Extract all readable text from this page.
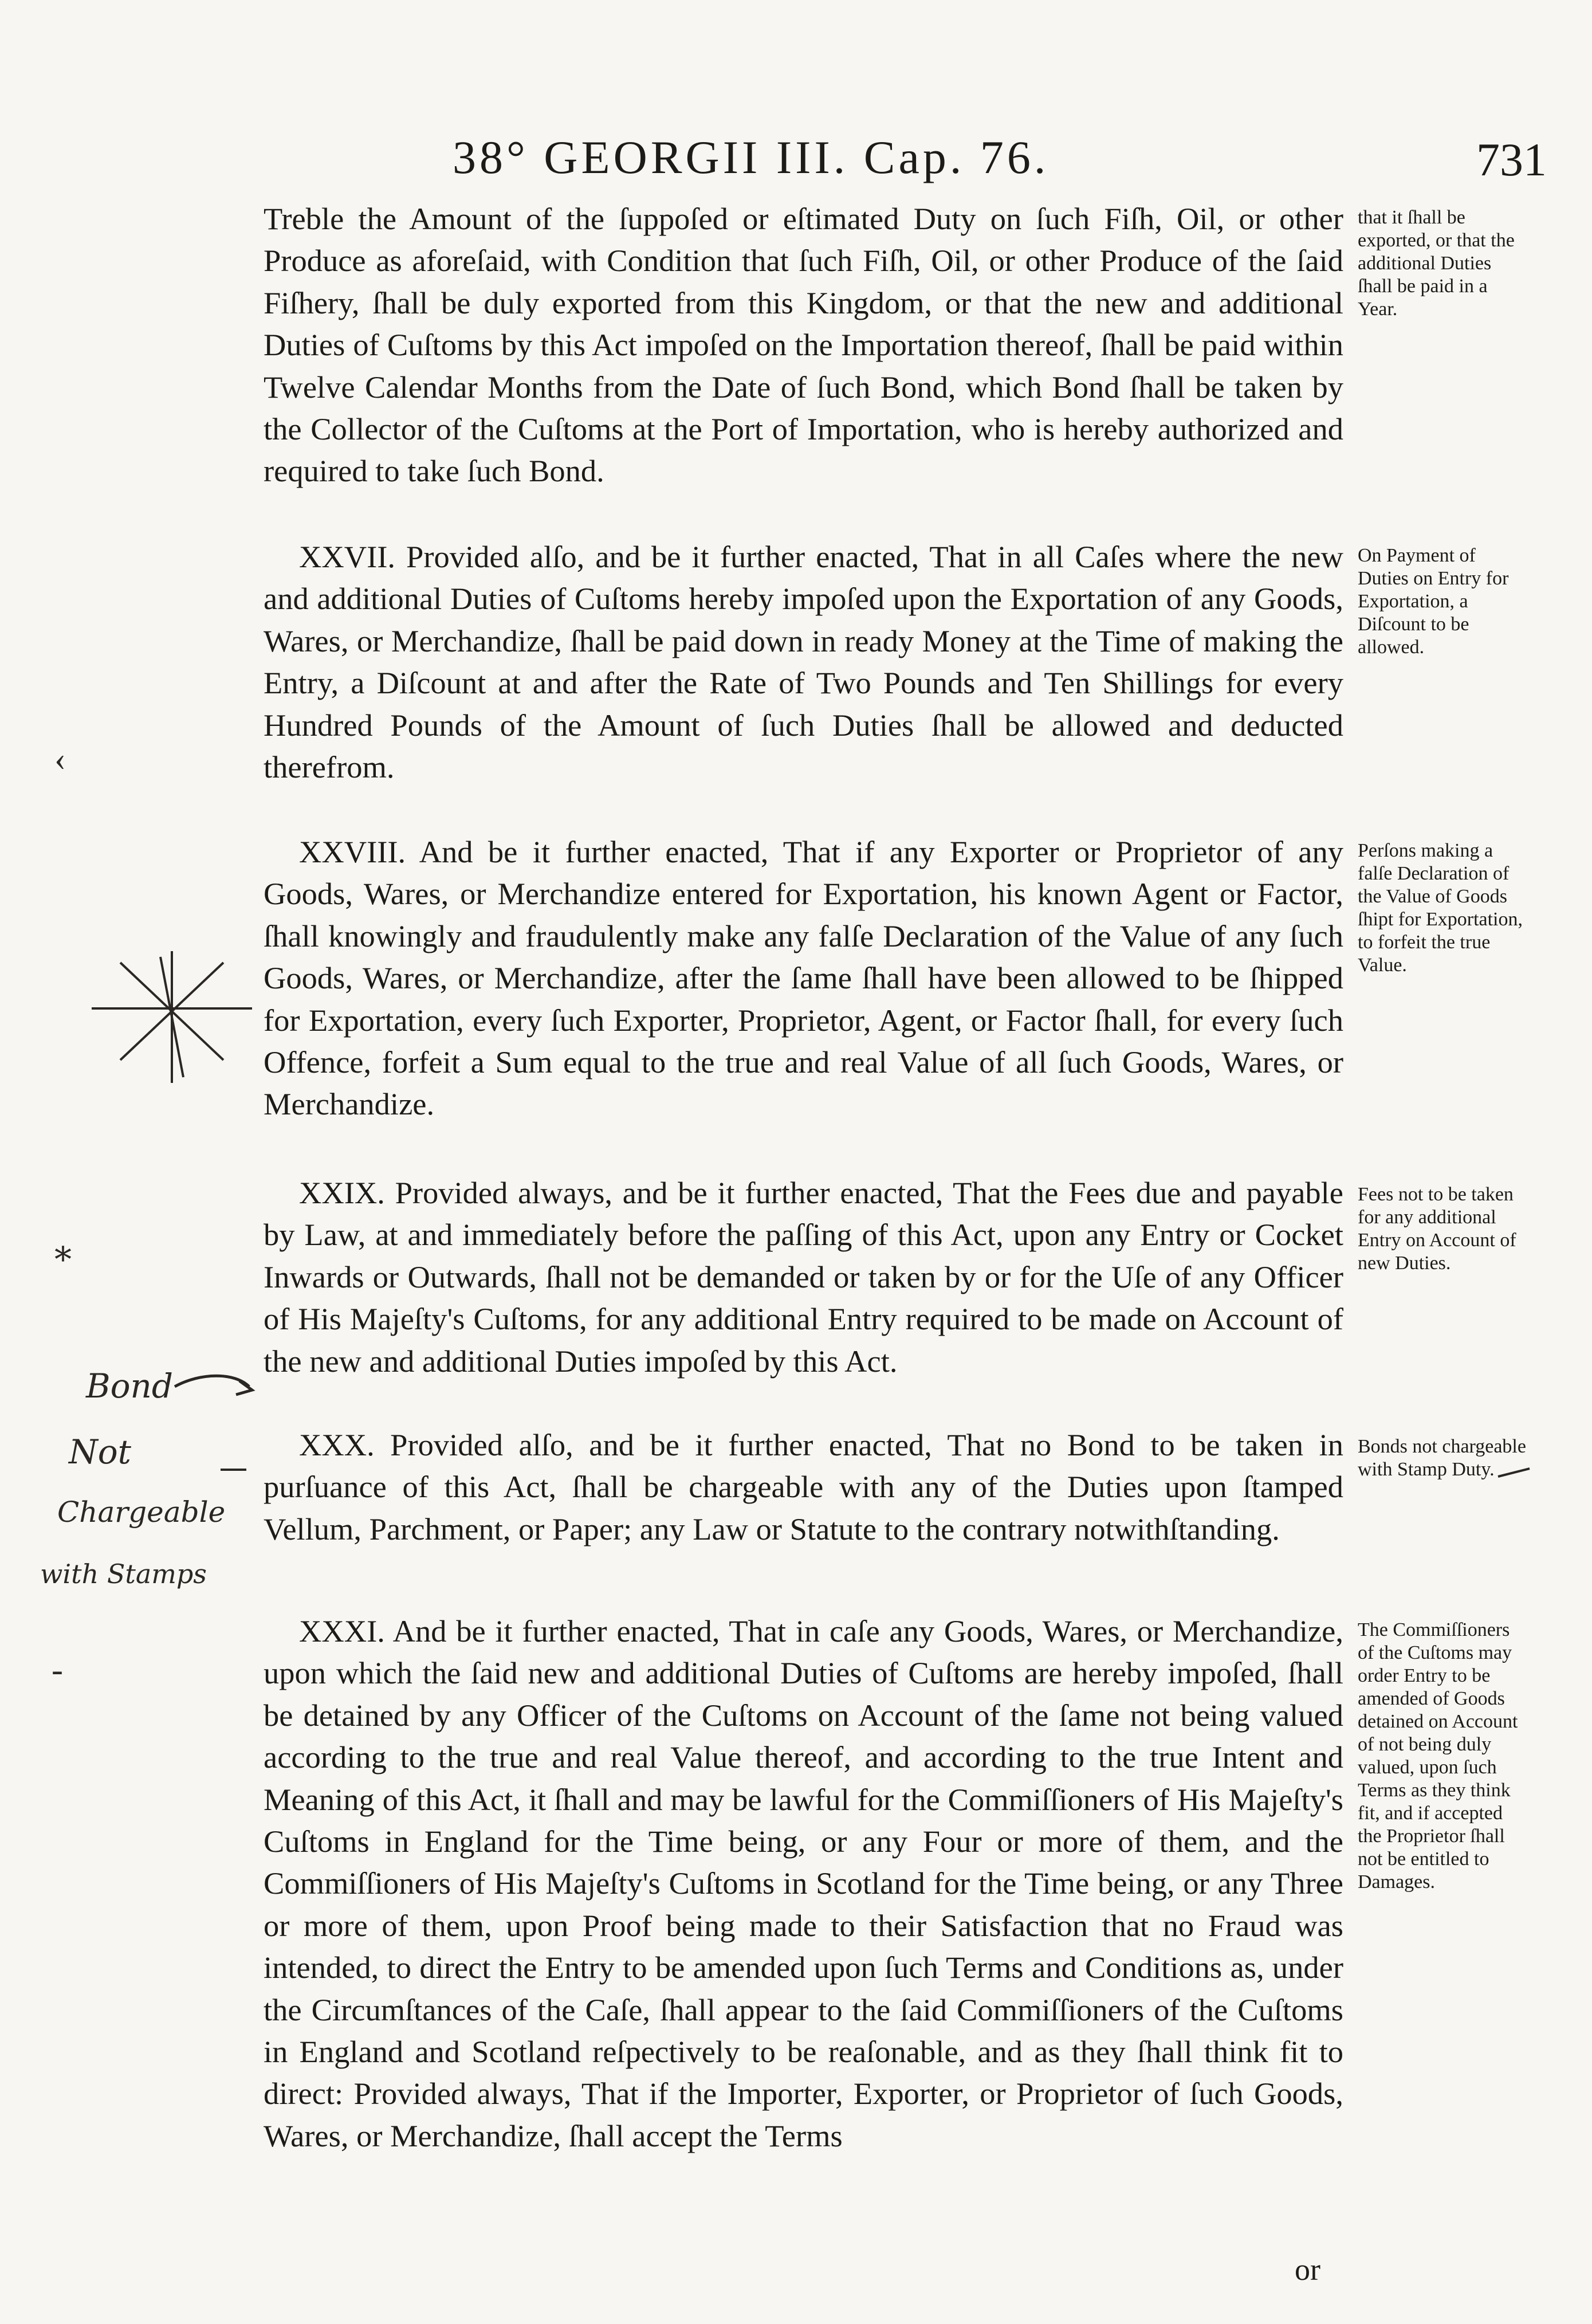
38° GEORGII III. Cap. 76.	731

Treble the Amount of the ſuppoſed or eſtimated Duty on ſuch Fiſh, Oil, or other Produce as aforeſaid, with Condition that ſuch Fiſh, Oil, or other Produce of the ſaid Fiſhery, ſhall be duly exported from this Kingdom, or that the new and additional Duties of Cuſtoms by this Act impoſed on the Importation thereof, ſhall be paid within Twelve Calendar Months from the Date of ſuch Bond, which Bond ſhall be taken by the Collector of the Cuſtoms at the Port of Importation, who is hereby authorized and required to take ſuch Bond.

that it ſhall be exported, or that the additional Duties ſhall be paid in a Year.

XXVII. Provided alſo, and be it further enacted, That in all Caſes where the new and additional Duties of Cuſtoms hereby impoſed upon the Exportation of any Goods, Wares, or Merchandize, ſhall be paid down in ready Money at the Time of making the Entry, a Diſcount at and after the Rate of Two Pounds and Ten Shillings for every Hundred Pounds of the Amount of ſuch Duties ſhall be allowed and deducted therefrom.

On Payment of Duties on Entry for Exportation, a Diſcount to be allowed.

XXVIII. And be it further enacted, That if any Exporter or Proprietor of any Goods, Wares, or Merchandize entered for Exportation, his known Agent or Factor, ſhall knowingly and fraudulently make any falſe Declaration of the Value of any ſuch Goods, Wares, or Merchandize, after the ſame ſhall have been allowed to be ſhipped for Exportation, every ſuch Exporter, Proprietor, Agent, or Factor ſhall, for every ſuch Offence, forfeit a Sum equal to the true and real Value of all ſuch Goods, Wares, or Merchandize.

Perſons making a falſe Declaration of the Value of Goods ſhipt for Exportation, to forfeit the true Value.

XXIX. Provided always, and be it further enacted, That the Fees due and payable by Law, at and immediately before the paſſing of this Act, upon any Entry or Cocket Inwards or Outwards, ſhall not be demanded or taken by or for the Uſe of any Officer of His Majeſty's Cuſtoms, for any additional Entry required to be made on Account of the new and additional Duties impoſed by this Act.

Fees not to be taken for any additional Entry on Account of new Duties.

XXX. Provided alſo, and be it further enacted, That no Bond to be taken in purſuance of this Act, ſhall be chargeable with any of the Duties upon ſtamped Vellum, Parchment, or Paper; any Law or Statute to the contrary notwithſtanding.

Bonds not chargeable with Stamp Duty.

XXXI. And be it further enacted, That in caſe any Goods, Wares, or Merchandize, upon which the ſaid new and additional Duties of Cuſtoms are hereby impoſed, ſhall be detained by any Officer of the Cuſtoms on Account of the ſame not being valued according to the true and real Value thereof, and according to the true Intent and Meaning of this Act, it ſhall and may be lawful for the Commiſſioners of His Majeſty's Cuſtoms in England for the Time being, or any Four or more of them, and the Commiſſioners of His Majeſty's Cuſtoms in Scotland for the Time being, or any Three or more of them, upon Proof being made to their Satisfaction that no Fraud was intended, to direct the Entry to be amended upon ſuch Terms and Conditions as, under the Circumſtances of the Caſe, ſhall appear to the ſaid Commiſſioners of the Cuſtoms in England and Scotland reſpectively to be reaſonable, and as they ſhall think fit to direct: Provided always, That if the Importer, Exporter, or Proprietor of ſuch Goods, Wares, or Merchandize, ſhall accept the Terms

The Commiſſioners of the Cuſtoms may order Entry to be amended of Goods detained on Account of not being duly valued, upon ſuch Terms as they think fit, and if accepted the Proprietor ſhall not be entitled to Damages.
or
Bond
Not
Chargeable
with Stamps
‹
⁎
-
